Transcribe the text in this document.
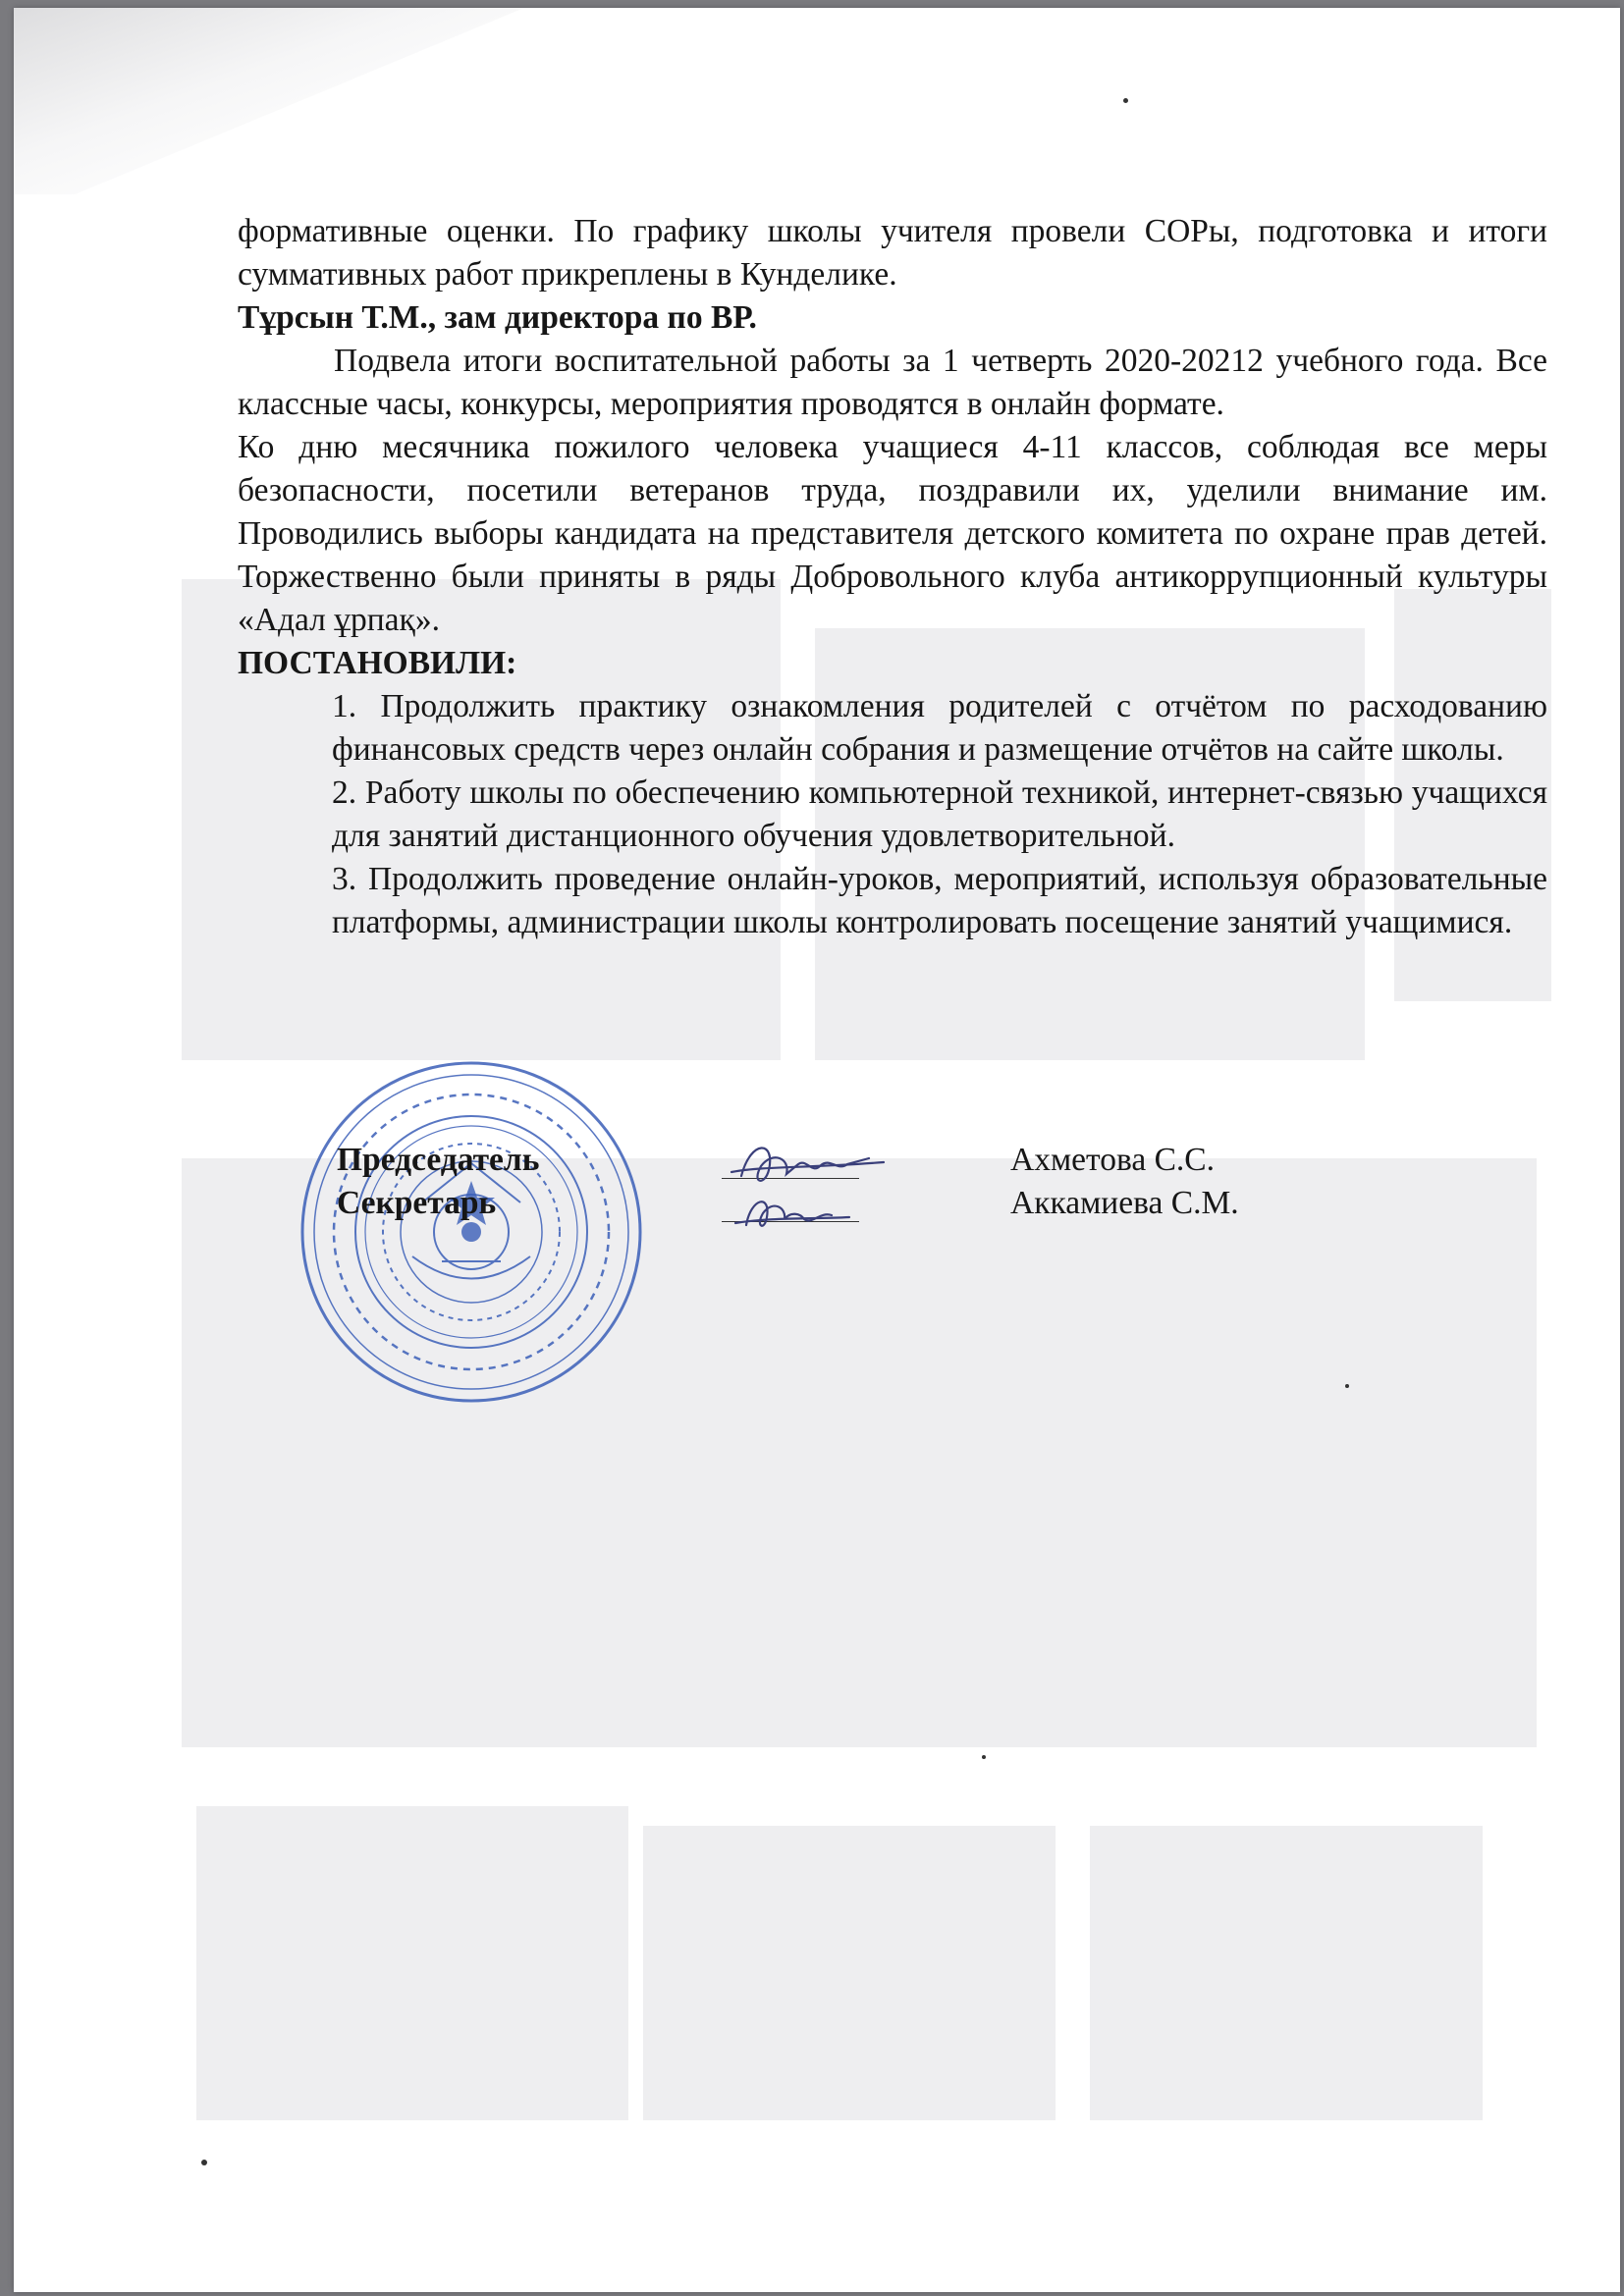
формативные оценки. По графику школы учителя провели СОРы, подготовка и итоги суммативных работ прикреплены в Кунделике.

Тұрсын Т.М., зам директора по ВР.

Подвела итоги воспитательной работы за 1 четверть 2020-20212 учебного года. Все классные часы, конкурсы, мероприятия проводятся в онлайн формате.

Ко дню месячника пожилого человека учащиеся 4-11 классов, соблюдая все меры безопасности, посетили ветеранов труда, поздравили их, уделили внимание им. Проводились выборы кандидата на представителя детского комитета по охране прав детей. Торжественно были приняты в ряды Добровольного клуба антикоррупционный культуры «Адал ұрпақ».

ПОСТАНОВИЛИ:

1. Продолжить практику ознакомления родителей с отчётом по расходованию финансовых средств через онлайн собрания и размещение отчётов на сайте школы.

2. Работу школы по обеспечению компьютерной техникой, интернет-связью учащихся для занятий дистанционного обучения удовлетворительной.

3. Продолжить проведение онлайн-уроков, мероприятий, используя образовательные платформы, администрации школы контролировать посещение занятий учащимися.

Председатель	Ахметова С.С.
Секретарь	Аккамиева С.М.
